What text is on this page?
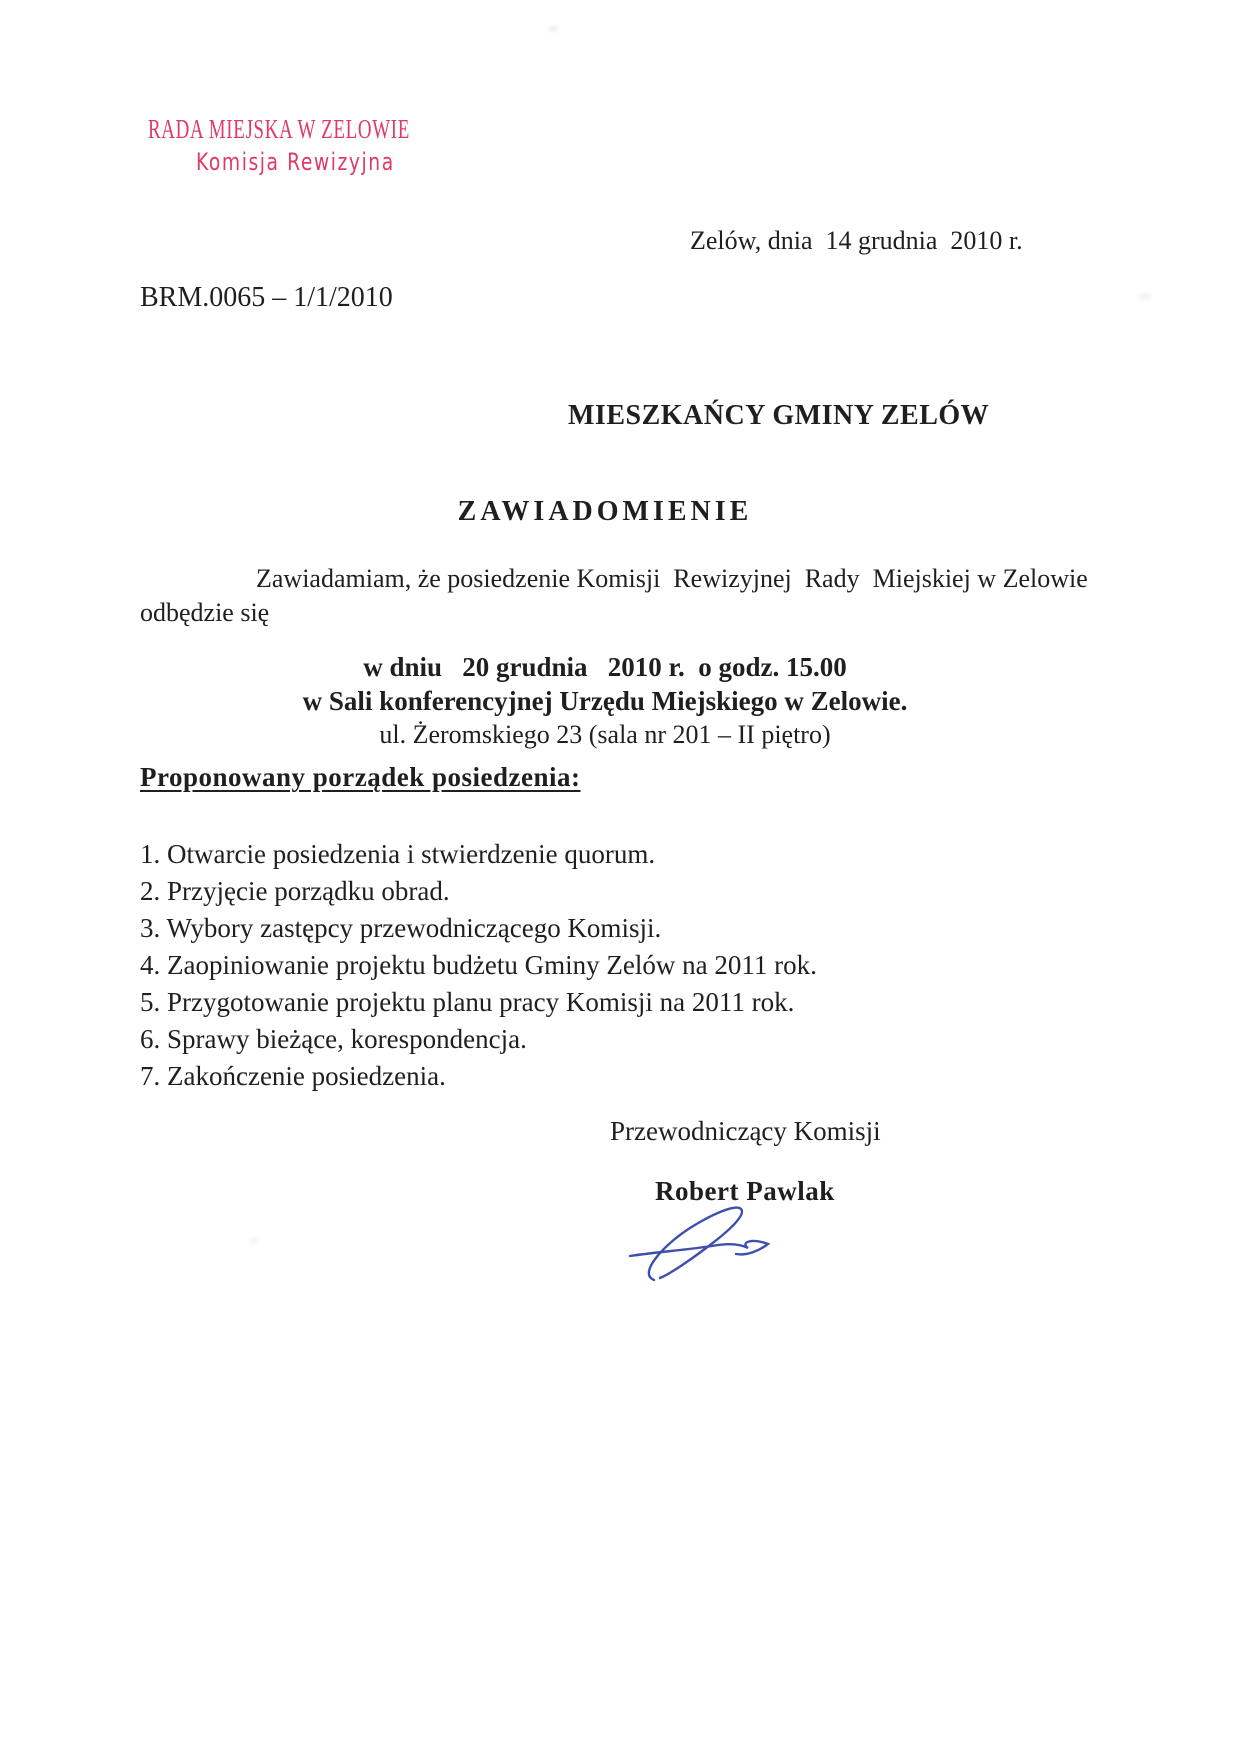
RADA MIEJSKA W ZELOWIE
Komisja Rewizyjna
Zelów, dnia  14 grudnia  2010 r.
BRM.0065 – 1/1/2010
MIESZKAŃCY GMINY ZELÓW
ZAWIADOMIENIE
Zawiadamiam, że posiedzenie Komisji  Rewizyjnej  Rady  Miejskiej w Zelowie
odbędzie się
w dniu   20 grudnia   2010 r.  o godz. 15.00
w Sali konferencyjnej Urzędu Miejskiego w Zelowie.
ul. Żeromskiego 23 (sala nr 201 – II piętro)
Proponowany porządek posiedzenia:
1. Otwarcie posiedzenia i stwierdzenie quorum.
2. Przyjęcie porządku obrad.
3. Wybory zastępcy przewodniczącego Komisji.
4. Zaopiniowanie projektu budżetu Gminy Zelów na 2011 rok.
5. Przygotowanie projektu planu pracy Komisji na 2011 rok.
6. Sprawy bieżące, korespondencja.
7. Zakończenie posiedzenia.
Przewodniczący Komisji
Robert Pawlak
